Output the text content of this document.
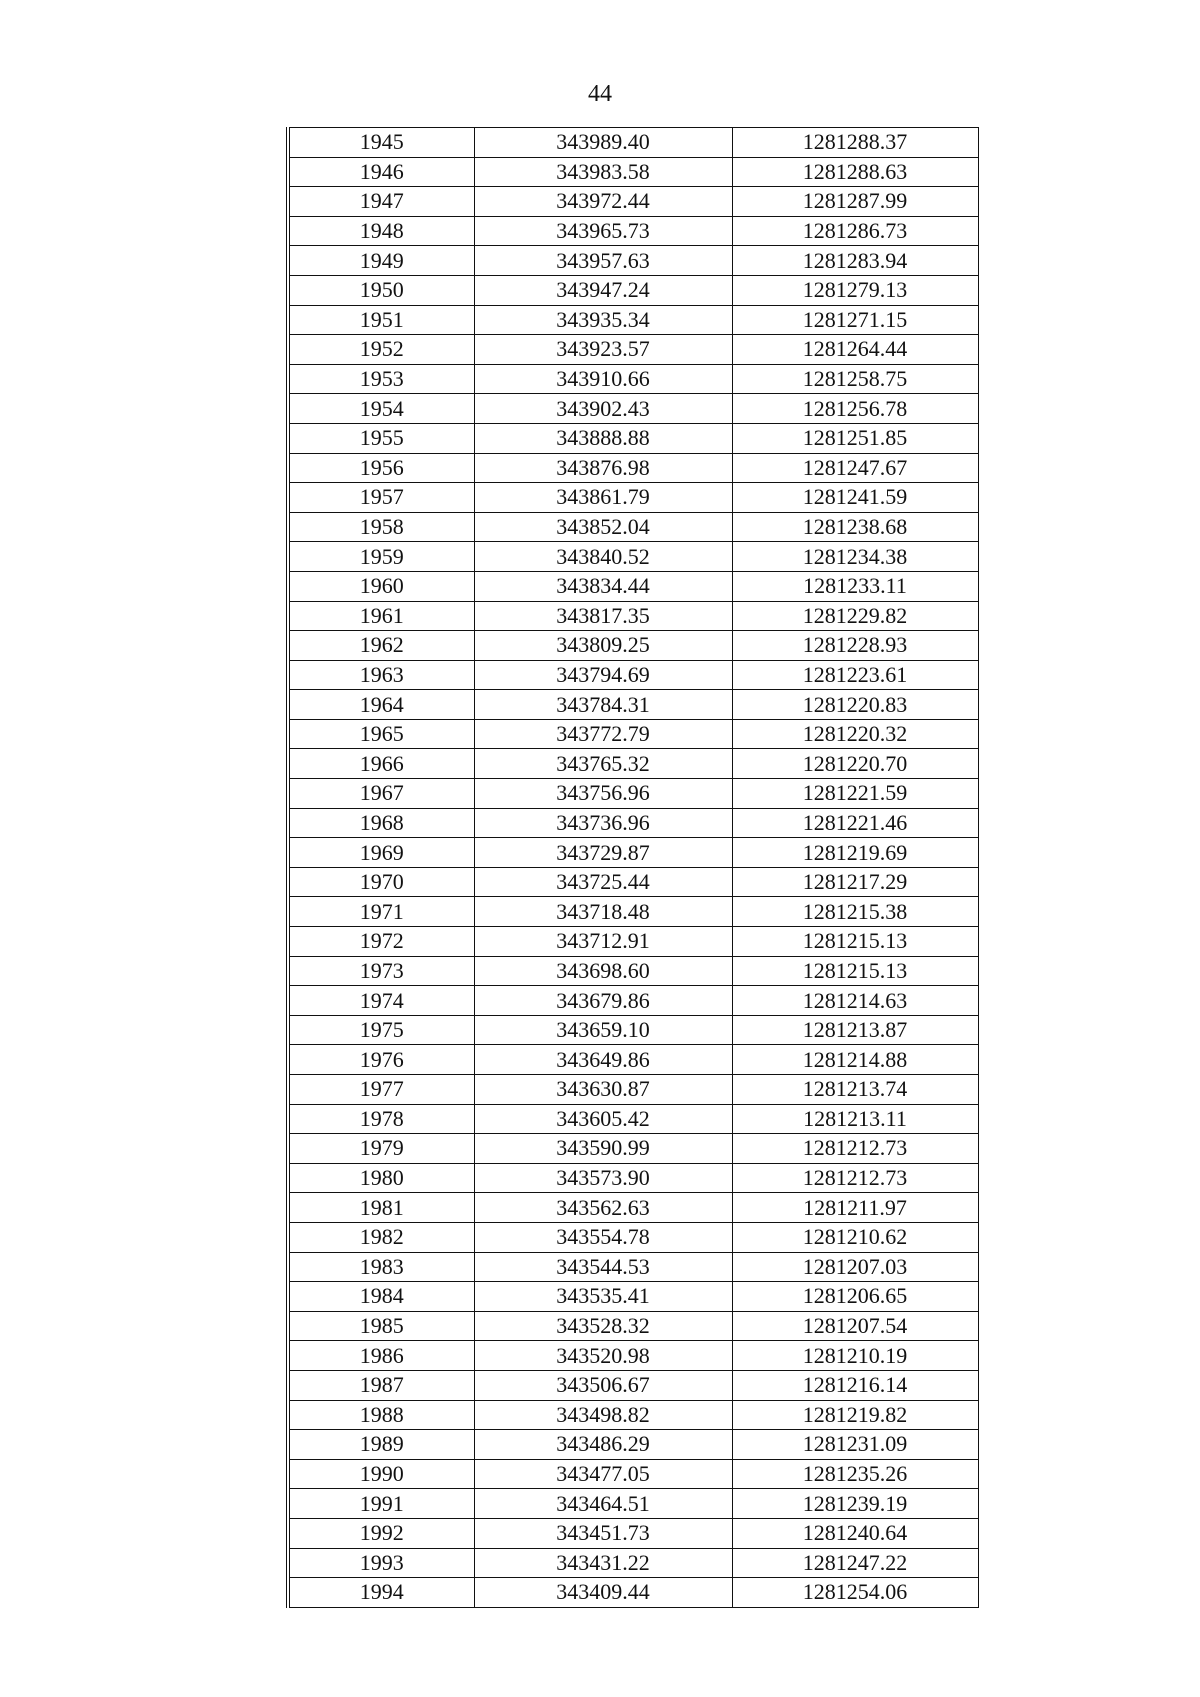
44
1945	343989.40	1281288.37
1946	343983.58	1281288.63
1947	343972.44	1281287.99
1948	343965.73	1281286.73
1949	343957.63	1281283.94
1950	343947.24	1281279.13
1951	343935.34	1281271.15
1952	343923.57	1281264.44
1953	343910.66	1281258.75
1954	343902.43	1281256.78
1955	343888.88	1281251.85
1956	343876.98	1281247.67
1957	343861.79	1281241.59
1958	343852.04	1281238.68
1959	343840.52	1281234.38
1960	343834.44	1281233.11
1961	343817.35	1281229.82
1962	343809.25	1281228.93
1963	343794.69	1281223.61
1964	343784.31	1281220.83
1965	343772.79	1281220.32
1966	343765.32	1281220.70
1967	343756.96	1281221.59
1968	343736.96	1281221.46
1969	343729.87	1281219.69
1970	343725.44	1281217.29
1971	343718.48	1281215.38
1972	343712.91	1281215.13
1973	343698.60	1281215.13
1974	343679.86	1281214.63
1975	343659.10	1281213.87
1976	343649.86	1281214.88
1977	343630.87	1281213.74
1978	343605.42	1281213.11
1979	343590.99	1281212.73
1980	343573.90	1281212.73
1981	343562.63	1281211.97
1982	343554.78	1281210.62
1983	343544.53	1281207.03
1984	343535.41	1281206.65
1985	343528.32	1281207.54
1986	343520.98	1281210.19
1987	343506.67	1281216.14
1988	343498.82	1281219.82
1989	343486.29	1281231.09
1990	343477.05	1281235.26
1991	343464.51	1281239.19
1992	343451.73	1281240.64
1993	343431.22	1281247.22
1994	343409.44	1281254.06
